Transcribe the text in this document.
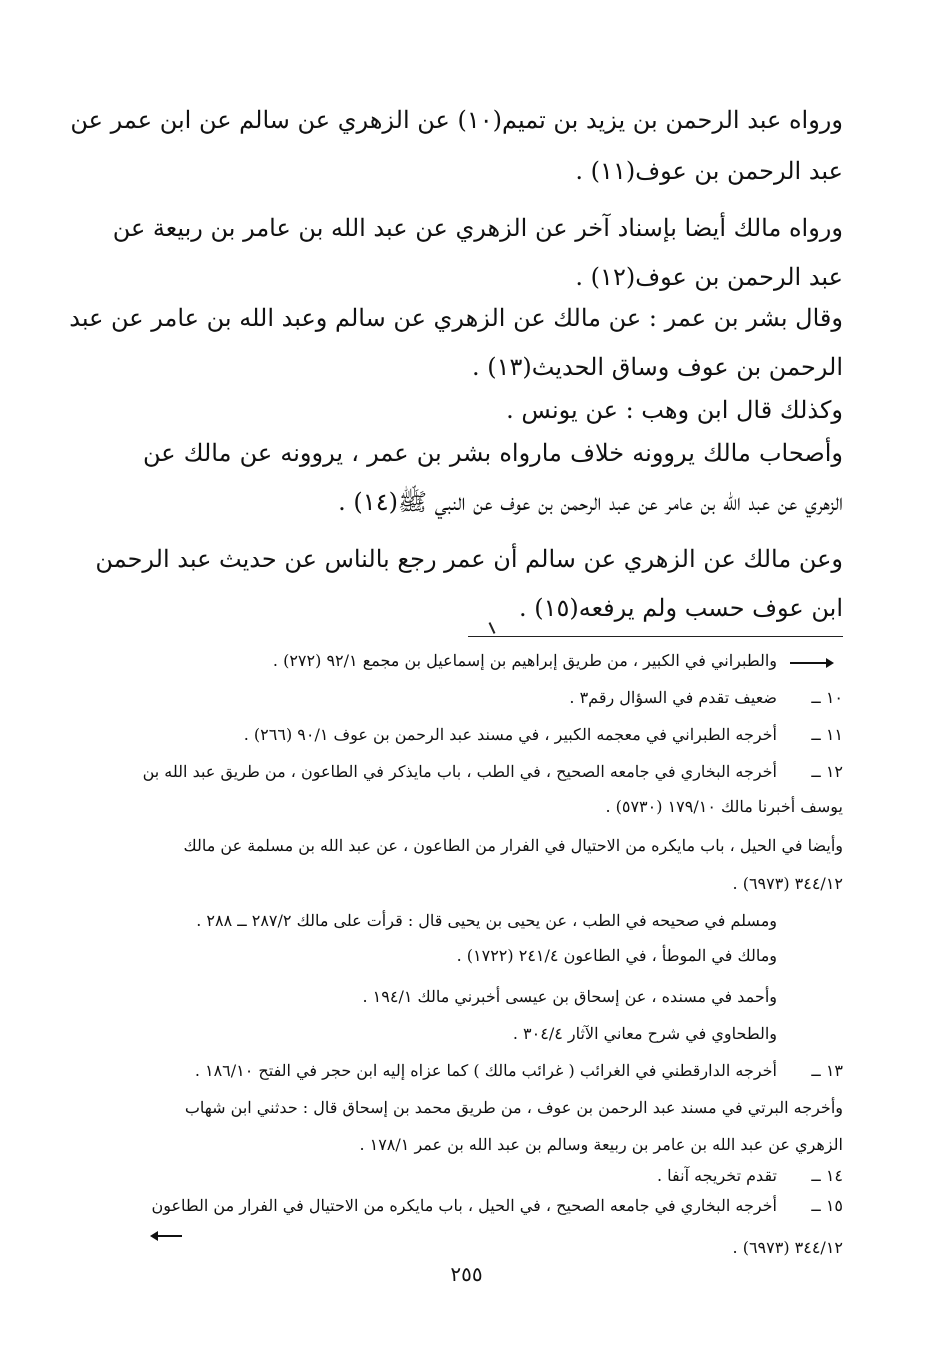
ورواه عبد الرحمن بن يزيد بن تميم(١٠) عن الزهري عن سالم عن ابن عمر عن
عبد الرحمن بن عوف(١١) .
ورواه مالك أيضا بإسناد آخر عن الزهري عن عبد الله بن عامر بن ربيعة عن
عبد الرحمن بن عوف(١٢) .
وقال بشر بن عمر : عن مالك عن الزهري عن سالم وعبد الله بن عامر عن عبد
الرحمن بن عوف وساق الحديث(١٣) .
وكذلك قال ابن وهب : عن يونس .
وأصحاب مالك يروونه خلاف مارواه بشر بن عمر ، يروونه عن مالك عن
الزهري عن عبد الله بن عامر عن عبد الرحمن بن عوف عن النبي ﷺ(١٤) .
وعن مالك عن الزهري عن سالم أن عمر رجع بالناس عن حديث عبد الرحمن
ابن عوف حسب ولم يرفعه(١٥) .
والطبراني في الكبير ، من طريق إبراهيم بن إسماعيل بن مجمع ٩٢/١ (٢٧٢) .
١٠ ــ
ضعيف تقدم في السؤال رقم٣ .
١١ ــ
أخرجه الطبراني في معجمه الكبير ، في مسند عبد الرحمن بن عوف ٩٠/١ (٢٦٦) .
١٢ ــ
أخرجه البخاري في جامعه الصحيح ، في الطب ، باب مايذكر في الطاعون ، من طريق عبد الله بن
يوسف أخبرنا مالك ١٧٩/١٠ (٥٧٣٠) .
وأيضا في الحيل ، باب مايكره من الاحتيال في الفرار من الطاعون ، عن عبد الله بن مسلمة عن مالك
٣٤٤/١٢ (٦٩٧٣) .
ومسلم في صحيحه في الطب ، عن يحيى بن يحيى قال : قرأت على مالك ٢٨٧/٢ ــ ٢٨٨ .
ومالك في الموطأ ، في الطاعون ٢٤١/٤ (١٧٢٢) .
وأحمد في مسنده ، عن إسحاق بن عيسى أخبرني مالك ١٩٤/١ .
والطحاوي في شرح معاني الآثار ٣٠٤/٤ .
١٣ ــ
أخرجه الدارقطني في الغرائب ( غرائب مالك ) كما عزاه إليه ابن حجر في الفتح ١٨٦/١٠ .
وأخرجه البرتي في مسند عبد الرحمن بن عوف ، من طريق محمد بن إسحاق قال : حدثني ابن شهاب
الزهري عن عبد الله بن عامر بن ربيعة وسالم بن عبد الله بن عمر ١٧٨/١ .
١٤ ــ
تقدم تخريجه آنفا .
١٥ ــ
أخرجه البخاري في جامعه الصحيح ، في الحيل ، باب مايكره من الاحتيال في الفرار من الطاعون
٣٤٤/١٢ (٦٩٧٣) .
٢٥٥
